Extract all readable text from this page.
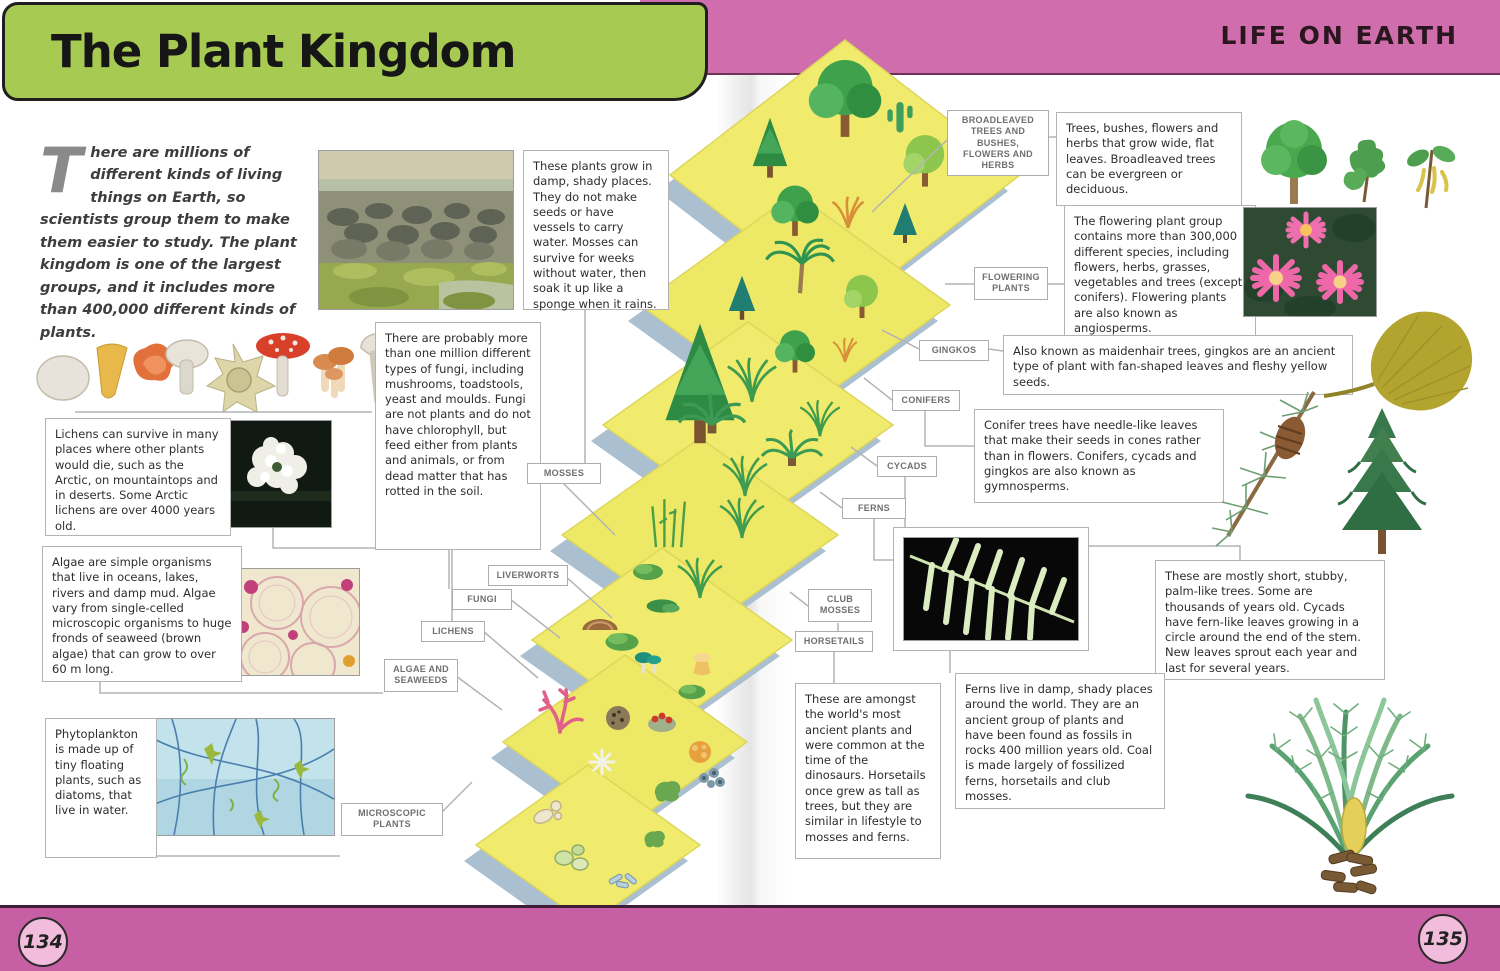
LIFE ON EARTH
The Plant Kingdom
There are millions of different kinds of living things on Earth, so scientists group them to make them easier to study. The plant kingdom is one of the largest groups, and it includes more than 400,000 different kinds of plants.
These plants grow in damp, shady places. They do not make seeds or have vessels to carry water. Mosses can survive for weeks without water, then soak it up like a sponge when it rains.
There are probably more than one million different types of fungi, including mushrooms, toadstools, yeast and moulds. Fungi are not plants and do not have chlorophyll, but feed either from plants and animals, or from dead matter that has rotted in the soil.
Lichens can survive in many places where other plants would die, such as the Arctic, on mountaintops and in deserts. Some Arctic lichens are over 4000 years old.
Algae are simple organisms that live in oceans, lakes, rivers and damp mud. Algae vary from single-celled microscopic organisms to huge fronds of seaweed (brown algae) that can grow to over 60 m long.
Phytoplankton is made up of tiny floating plants, such as diatoms, that live in water.
MOSSES
LIVERWORTS
FUNGI
LICHENS
ALGAE AND SEAWEEDS
MICROSCOPIC PLANTS
BROADLEAVED TREES AND BUSHES, FLOWERS AND HERBS
FLOWERING PLANTS
GINGKOS
CONIFERS
CYCADS
FERNS
CLUB MOSSES
HORSETAILS
Trees, bushes, flowers and herbs that grow wide, flat leaves. Broadleaved trees can be evergreen or deciduous.
The flowering plant group contains more than 300,000 different species, including flowers, herbs, grasses, vegetables and trees (except conifers). Flowering plants are also known as angiosperms.
Also known as maidenhair trees, gingkos are an ancient type of plant with fan-shaped leaves and fleshy yellow seeds.
Conifer trees have needle-like leaves that make their seeds in cones rather than in flowers. Conifers, cycads and gingkos are also known as gymnosperms.
These are mostly short, stubby, palm-like trees. Some are thousands of years old. Cycads have fern-like leaves growing in a circle around the end of the stem. New leaves sprout each year and last for several years.
Ferns live in damp, shady places around the world. They are an ancient group of plants and have been found as fossils in rocks 400 million years old. Coal is made largely of fossilized ferns, horsetails and club mosses.
These are amongst the world's most ancient plants and were common at the time of the dinosaurs. Horsetails once grew as tall as trees, but they are similar in lifestyle to mosses and ferns.
134	135
